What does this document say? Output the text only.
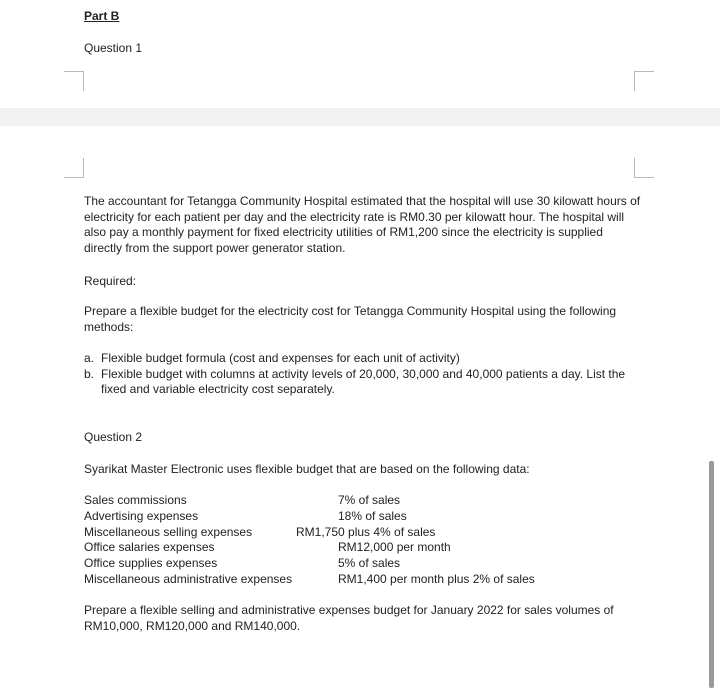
Part B

Question 1

The accountant for Tetangga Community Hospital estimated that the hospital will use 30 kilowatt hours of electricity for each patient per day and the electricity rate is RM0.30 per kilowatt hour. The hospital will also pay a monthly payment for fixed electricity utilities of RM1,200 since the electricity is supplied directly from the support power generator station.

Required:

Prepare a flexible budget for the electricity cost for Tetangga Community Hospital using the following methods:

a. Flexible budget formula (cost and expenses for each unit of activity)
b. Flexible budget with columns at activity levels of 20,000, 30,000 and 40,000 patients a day. List the fixed and variable electricity cost separately.

Question 2

Syarikat Master Electronic uses flexible budget that are based on the following data:

Sales commissions	7% of sales
Advertising expenses	18% of sales
Miscellaneous selling expenses	RM1,750 plus 4% of sales
Office salaries expenses	RM12,000 per month
Office supplies expenses	5% of sales
Miscellaneous administrative expenses	RM1,400 per month plus 2% of sales

Prepare a flexible selling and administrative expenses budget for January 2022 for sales volumes of RM10,000, RM120,000 and RM140,000.
